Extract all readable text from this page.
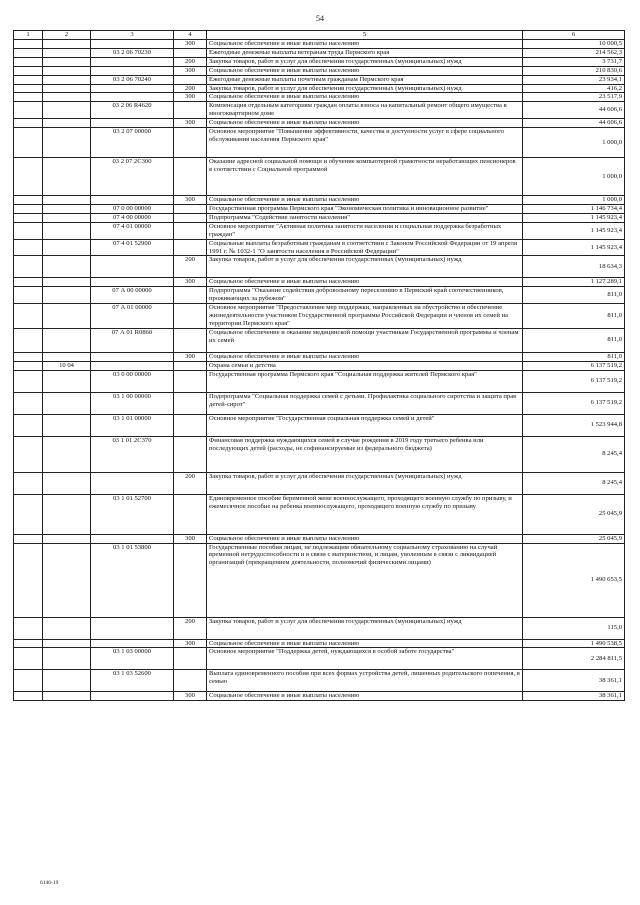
54
1	2	3	4	5	6
			300	Социальное обеспечение и иные выплаты населению	10 000,5
		03 2 06 70230		Ежегодные денежные выплаты ветеранам труда Пермского края	214 562,3
			200	Закупка товаров, работ и услуг для обеспечения государственных (муниципальных) нужд	3 731,7
			300	Социальное обеспечение и иные выплаты населению	210 830,6
		03 2 06 70240		Ежегодные денежные выплаты почетным гражданам Пермского края	23 934,1
			200	Закупка товаров, работ и услуг для обеспечения государственных (муниципальных) нужд	416,2
			300	Социальное обеспечение и иные выплаты населению	23 517,9
		03 2 06 R4620		Компенсация отдельным категориям граждан оплаты взноса на капитальный ремонт общего имущества в многоквартирном доме	44 606,6
			300	Социальное обеспечение и иные выплаты населению	44 606,6
		03 2 07 00000		Основное мероприятие "Повышение эффективности, качества и доступности услуг в сфере социального обслуживания населения Пермского края"	1 000,0
		03 2 07 2С300		Оказание адресной социальной помощи и обучение компьютерной грамотности неработающих пенсионеров в соответствии с Социальной программой	1 000,0
			300	Социальное обеспечение и иные выплаты населению	1 000,0
		07 0 00 00000		Государственная программа Пермского края "Экономическая политика и инновационное развитие"	1 146 734,4
		07 4 00 00000		Подпрограмма "Содействие занятости населения"	1 145 923,4
		07 4 01 00000		Основное мероприятие "Активная политика занятости населения и социальная поддержка безработных граждан"	1 145 923,4
		07 4 01 52900		Социальные выплаты безработным гражданам в соответствии с Законом Российской Федерации от 19 апреля 1991 г. № 1032-1 "О занятости населения в Российской Федерации"	1 145 923,4
			200	Закупка товаров, работ и услуг для обеспечения государственных (муниципальных) нужд	18 634,3
			300	Социальное обеспечение и иные выплаты населению	1 127 289,1
		07 А 00 00000		Подпрограмма "Оказание содействия добровольному переселению в Пермский край соотечественников, проживающих за рубежом"	811,0
		07 А 01 00000		Основное мероприятие "Предоставление мер поддержки, направленных на обустройство и обеспечение жизнедеятельности участников Государственной программы Российской Федерации и членов их семей на территории Пермского края"	811,0
		07 А 01 R0860		Социальное обеспечение и оказание медицинской помощи участникам Государственной программы и членам их семей	811,0
			300	Социальное обеспечение и иные выплаты населению	811,0
	10 04			Охрана семьи и детства	6 137 519,2
		03 0 00 00000		Государственная программа Пермского края "Социальная поддержка жителей Пермского края"	6 137 519,2
		03 1 00 00000		Подпрограмма "Социальная поддержка семей с детьми. Профилактика социального сиротства и защита прав детей-сирот"	6 137 519,2
		03 1 01 00000		Основное мероприятие "Государственная социальная поддержка семей и детей"	1 523 944,8
		03 1 01 2С370		Финансовая поддержка нуждающихся семей в случае рождения в 2019 году третьего ребенка или последующих детей (расходы, не софинансируемые из федерального бюджета)	8 245,4
			200	Закупка товаров, работ и услуг для обеспечения государственных (муниципальных) нужд	8 245,4
		03 1 01 52700		Единовременное пособие беременной жене военнослужащего, проходящего военную службу по призыву, и ежемесячное пособие на ребенка военнослужащего, проходящего военную службу по призыву	25 045,9
			300	Социальное обеспечение и иные выплаты населению	25 045,9
		03 1 01 53800		Государственные пособия лицам, не подлежащим обязательному социальному страхованию на случай временной нетрудоспособности и в связи с материнством, и лицам, уволенным в связи с ликвидацией организаций (прекращением деятельности, полномочий физическими лицами)	1 490 653,5
			200	Закупка товаров, работ и услуг для обеспечения государственных (муниципальных) нужд	115,0
			300	Социальное обеспечение и иные выплаты населению	1 490 538,5
		03 1 03 00000		Основное мероприятие "Поддержка детей, нуждающихся в особой заботе государства"	2 284 811,5
		03 1 03 52600		Выплата единовременного пособия при всех формах устройства детей, лишенных родительского попечения, в семью	38 361,1
			300	Социальное обеспечение и иные выплаты населению	38 361,1
6146-19
